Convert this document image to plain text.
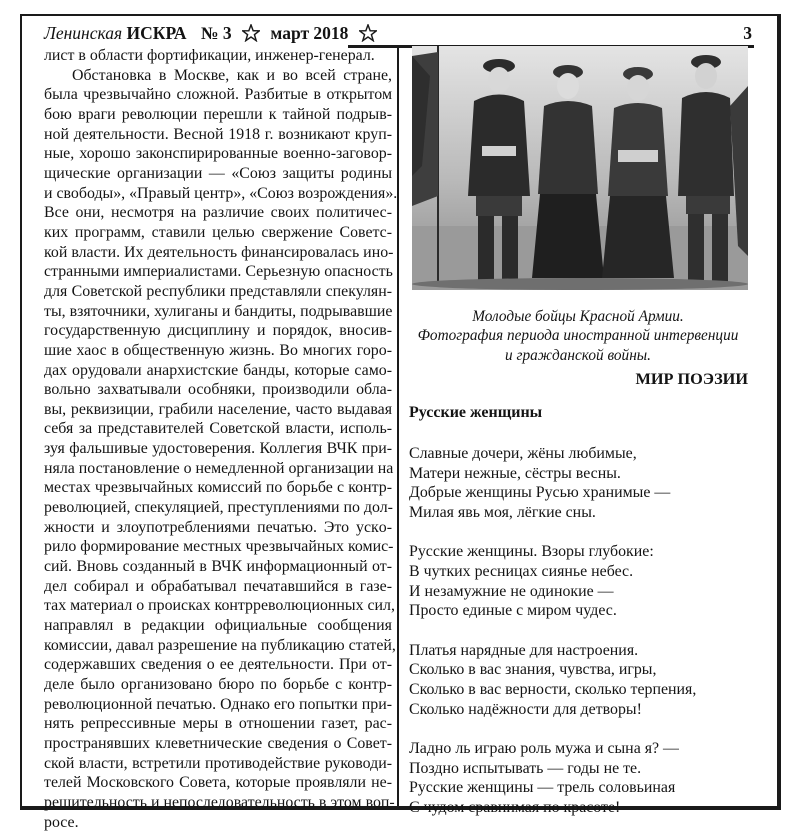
Ленинская ИСКРА № 3 март 2018	3
лист в области фортификации, инженер-генерал.
Обстановка в Москве, как и во всей стране,
была чрезвычайно сложной. Разбитые в открытом
бою враги революции перешли к тайной подрыв-
ной деятельности. Весной 1918 г. возникают круп-
ные, хорошо законспирированные военно-заговор-
щические организации — «Союз защиты родины
и свободы», «Правый центр», «Союз возрождения».
Все они, несмотря на различие своих политичес-
ких программ, ставили целью свержение Советс-
кой власти. Их деятельность финансировалась ино-
странными империалистами. Серьезную опасность
для Советской республики представляли спекулян-
ты, взяточники, хулиганы и бандиты, подрывавшие
государственную дисциплину и порядок, вносив-
шие хаос в общественную жизнь. Во многих горо-
дах орудовали анархистские банды, которые само-
вольно захватывали особняки, производили облa-
вы, реквизиции, грабили население, часто выдавая
себя за представителей Советской власти, исполь-
зуя фальшивые удостоверения. Коллегия ВЧК при-
няла постановление о немедленной организации на
местах чрезвычайных комиссий по борьбе с контр-
революцией, спекуляцией, преступлениями по дол-
жности и злоупотреблениями печатью. Это ускo-
рило формирование местных чрезвычайных комис-
сий. Вновь созданный в ВЧК информационный от-
дел собирал и обрабатывал печатавшийся в газе-
тах материал о происках контрреволюционных сил,
направлял в редакции официальные сообщения
комиссии, давал разрешение на публикацию статей,
содержавших сведения о ее деятельности. При от-
деле было организовано бюро по борьбе с контр-
революционной печатью. Однако его попытки при-
нять репрессивные меры в отношении газет, рас-
пространявших клеветнические сведения о Совет-
ской власти, встретили противодействие руководи-
телей Московского Совета, которые проявляли не-
решительность и непоследовательность в этом воп-
росе.
Молодые бойцы Красной Армии.
Фотография периода иностранной интервенции
и гражданской войны.
МИР ПОЭЗИИ
Русские женщины
Славные дочери, жёны любимые,
Матери нежные, сёстры весны.
Добрые женщины Русью хранимые —
Милая явь моя, лёгкие сны.
Русские женщины. Взоры глубокие:
В чутких ресницах сиянье небес.
И незамужние не одинокие —
Просто единые с миром чудес.
Платья нарядные для настроения.
Сколько в вас знания, чувства, игры,
Сколько в вас верности, сколько терпения,
Сколько надёжности для детворы!
Ладно ль играю роль мужа и сына я? —
Поздно испытывать — годы не те.
Русские женщины — трель соловьиная
С чудом сравнимая по красоте!
